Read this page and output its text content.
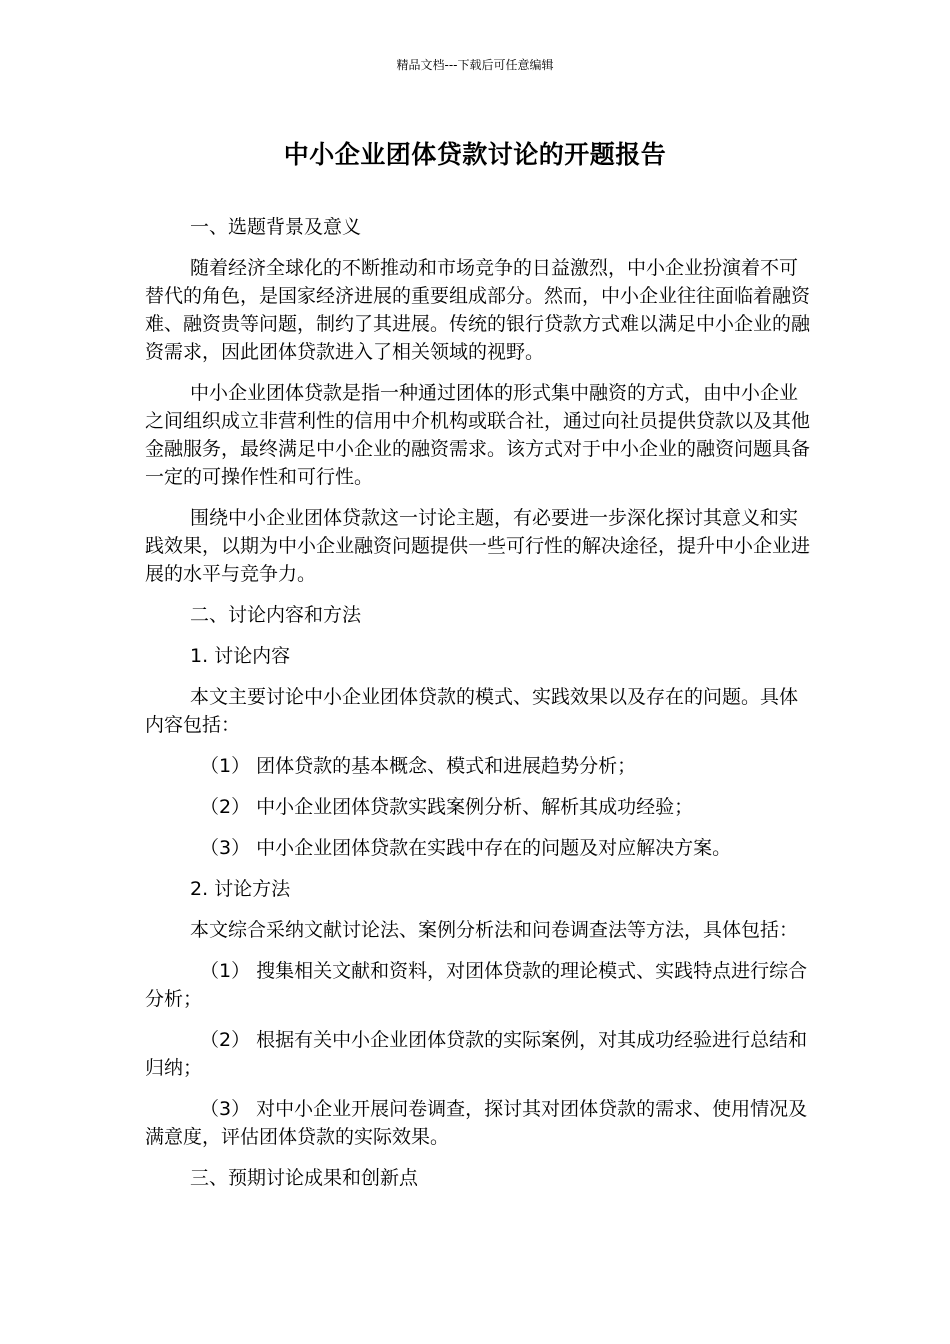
精品文档---下载后可任意编辑
中小企业团体贷款讨论的开题报告

一、选题背景及意义

随着经济全球化的不断推动和市场竞争的日益激烈，中小企业扮演着不可替代的角色，是国家经济进展的重要组成部分。然而，中小企业往往面临着融资难、融资贵等问题，制约了其进展。传统的银行贷款方式难以满足中小企业的融资需求，因此团体贷款进入了相关领域的视野。

中小企业团体贷款是指一种通过团体的形式集中融资的方式，由中小企业之间组织成立非营利性的信用中介机构或联合社，通过向社员提供贷款以及其他金融服务，最终满足中小企业的融资需求。该方式对于中小企业的融资问题具备一定的可操作性和可行性。

围绕中小企业团体贷款这一讨论主题，有必要进一步深化探讨其意义和实践效果，以期为中小企业融资问题提供一些可行性的解决途径，提升中小企业进展的水平与竞争力。

二、讨论内容和方法

1. 讨论内容

本文主要讨论中小企业团体贷款的模式、实践效果以及存在的问题。具体内容包括：

（1） 团体贷款的基本概念、模式和进展趋势分析；

（2） 中小企业团体贷款实践案例分析、解析其成功经验；

（3） 中小企业团体贷款在实践中存在的问题及对应解决方案。

2. 讨论方法

本文综合采纳文献讨论法、案例分析法和问卷调查法等方法，具体包括：

（1） 搜集相关文献和资料，对团体贷款的理论模式、实践特点进行综合分析；

（2） 根据有关中小企业团体贷款的实际案例，对其成功经验进行总结和归纳；

（3） 对中小企业开展问卷调查，探讨其对团体贷款的需求、使用情况及满意度，评估团体贷款的实际效果。

三、预期讨论成果和创新点
